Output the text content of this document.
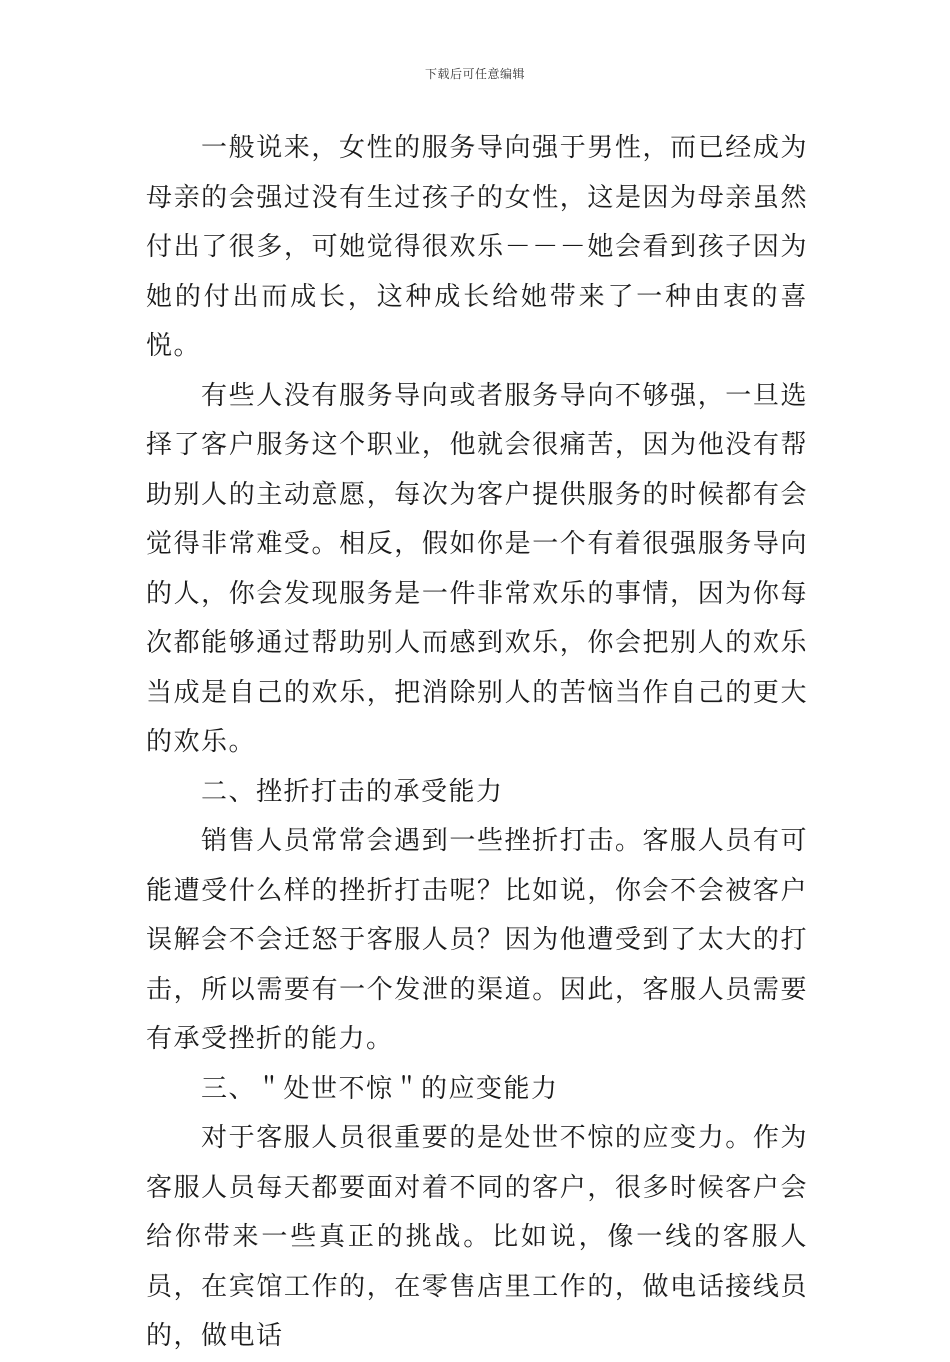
下载后可任意编辑

一般说来，女性的服务导向强于男性，而已经成为母亲的会强过没有生过孩子的女性，这是因为母亲虽然付出了很多，可她觉得很欢乐－－－她会看到孩子因为她的付出而成长，这种成长给她带来了一种由衷的喜悦。

有些人没有服务导向或者服务导向不够强，一旦选择了客户服务这个职业，他就会很痛苦，因为他没有帮助别人的主动意愿，每次为客户提供服务的时候都有会觉得非常难受。相反，假如你是一个有着很强服务导向的人，你会发现服务是一件非常欢乐的事情，因为你每次都能够通过帮助别人而感到欢乐，你会把别人的欢乐当成是自己的欢乐，把消除别人的苦恼当作自己的更大的欢乐。

二、挫折打击的承受能力

销售人员常常会遇到一些挫折打击。客服人员有可能遭受什么样的挫折打击呢？比如说，你会不会被客户误解会不会迁怒于客服人员？因为他遭受到了太大的打击，所以需要有一个发泄的渠道。因此，客服人员需要有承受挫折的能力。

三、＂处世不惊＂的应变能力

对于客服人员很重要的是处世不惊的应变力。作为客服人员每天都要面对着不同的客户，很多时候客户会给你带来一些真正的挑战。比如说，像一线的客服人员，在宾馆工作的，在零售店里工作的，做电话接线员的，做电话
